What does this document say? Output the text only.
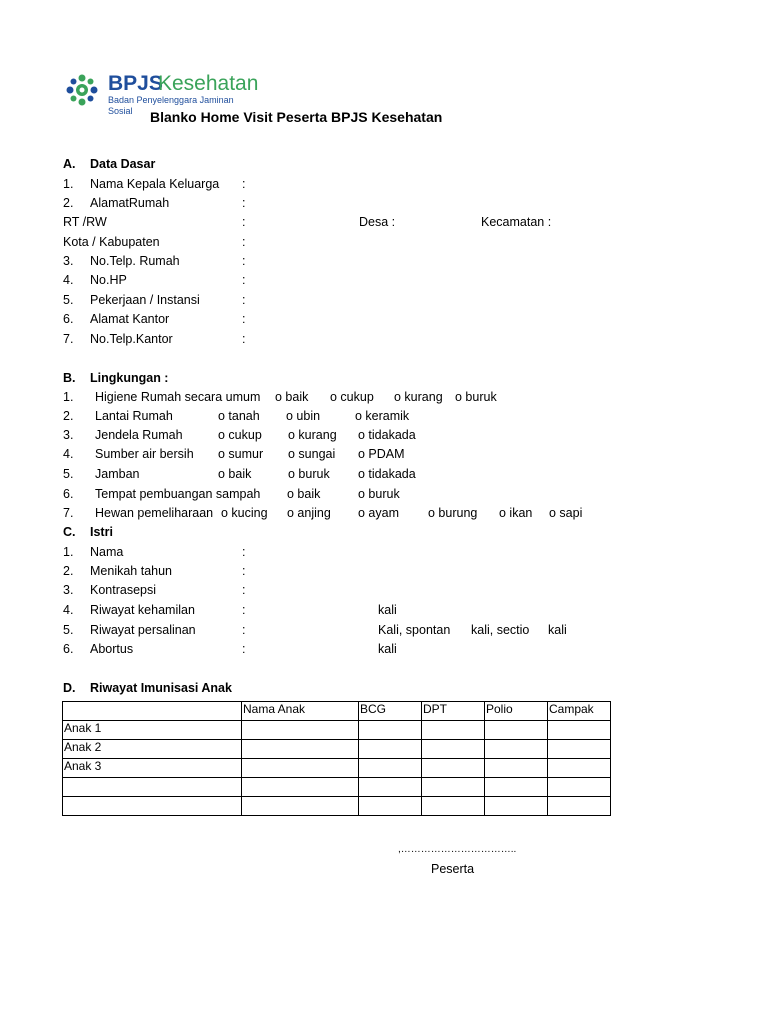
BPJS
Kesehatan
Badan Penyelenggara Jaminan Sosial	Blanko Home Visit Peserta BPJS Kesehatan
A. Data Dasar
1. Nama Kepala Keluarga :
2. AlamatRumah	:
RT /RW	:	Desa :	Kecamatan :
Kota / Kabupaten	:
3. No.Telp. Rumah	:
4. No.HP	:
5. Pekerjaan / Instansi	:
6. Alamat Kantor	:
7. No.Telp.Kantor	:
B. Lingkungan :
1. Higiene Rumah secara umum o baik o cukup o kurang o buruk
2. Lantai Rumah	o tanah o ubin	o keramik
3. Jendela Rumah	o cukup o kurang o tidakada
4. Sumber air bersih o sumur o sungai o PDAM
5. Jamban	o baik	o buruk o tidakada
6. Tempat pembuangan sampah o baik	o buruk
7. Hewan pemeliharaan o kucing o anjing o ayam o burung o ikan o sapi
C. Istri
1. Nama	:
2. Menikah tahun	:
3. Kontrasepsi	:
4. Riwayat kehamilan	:	kali
5. Riwayat persalinan	:	Kali, spontan kali, sectio kali
6. Abortus	:	kali
D. Riwayat Imunisasi Anak
	Nama Anak	BCG	DPT	Polio	Campak
Anak 1					
Anak 2					
Anak 3					

,……………………………..
Peserta
